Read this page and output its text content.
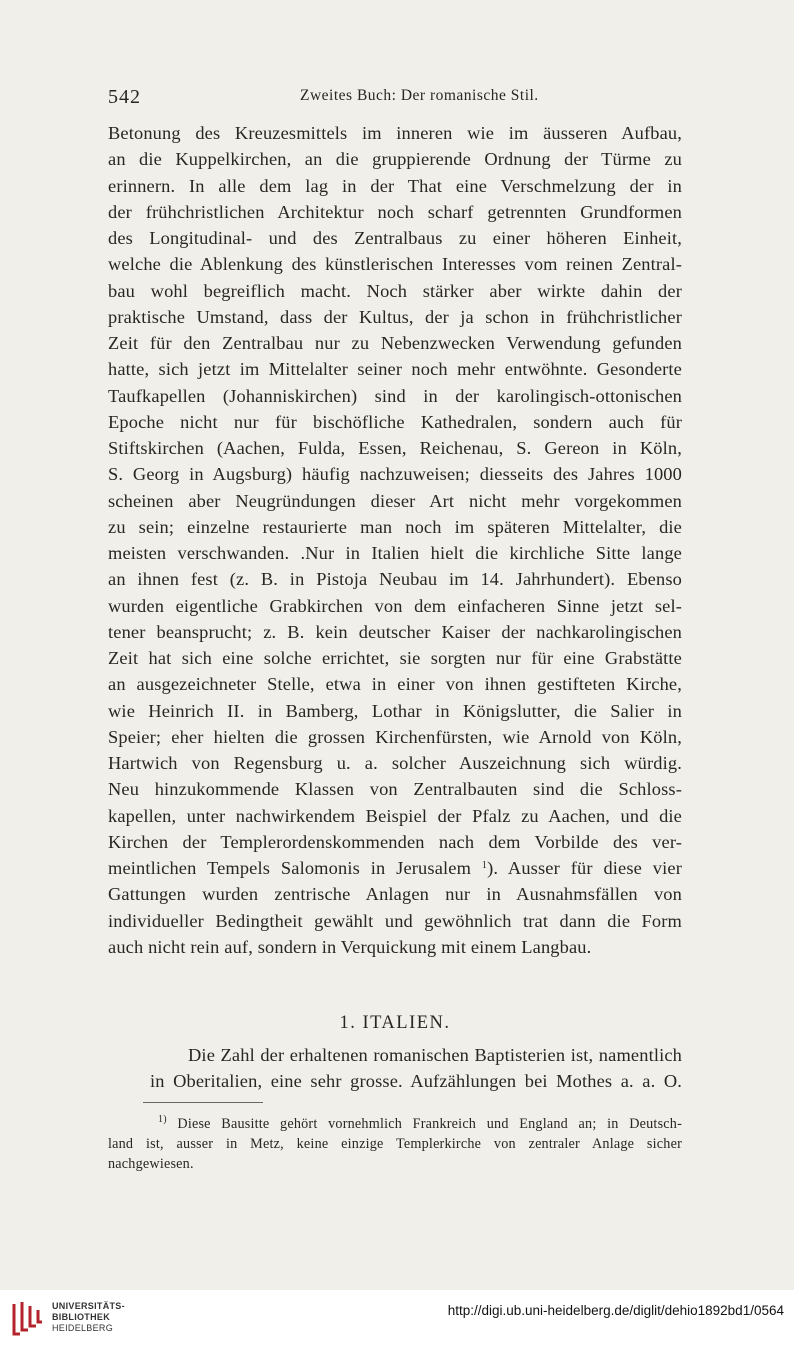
542	Zweites Buch: Der romanische Stil.
Betonung des Kreuzesmittels im inneren wie im äusseren Aufbau,
an die Kuppelkirchen, an die gruppierende Ordnung der Türme zu
erinnern. In alle dem lag in der That eine Verschmelzung der in
der frühchristlichen Architektur noch scharf getrennten Grundformen
des Longitudinal- und des Zentralbaus zu einer höheren Einheit,
welche die Ablenkung des künstlerischen Interesses vom reinen Zentral-
bau wohl begreiflich macht. Noch stärker aber wirkte dahin der
praktische Umstand, dass der Kultus, der ja schon in frühchristlicher
Zeit für den Zentralbau nur zu Nebenzwecken Verwendung gefunden
hatte, sich jetzt im Mittelalter seiner noch mehr entwöhnte. Gesonderte
Taufkapellen (Johanniskirchen) sind in der karolingisch-ottonischen
Epoche nicht nur für bischöfliche Kathedralen, sondern auch für
Stiftskirchen (Aachen, Fulda, Essen, Reichenau, S. Gereon in Köln,
S. Georg in Augsburg) häufig nachzuweisen; diesseits des Jahres 1000
scheinen aber Neugründungen dieser Art nicht mehr vorgekommen
zu sein; einzelne restaurierte man noch im späteren Mittelalter, die
meisten verschwanden. .Nur in Italien hielt die kirchliche Sitte lange
an ihnen fest (z. B. in Pistoja Neubau im 14. Jahrhundert). Ebenso
wurden eigentliche Grabkirchen von dem einfacheren Sinne jetzt sel-
tener beansprucht; z. B. kein deutscher Kaiser der nachkarolingischen
Zeit hat sich eine solche errichtet, sie sorgten nur für eine Grabstätte
an ausgezeichneter Stelle, etwa in einer von ihnen gestifteten Kirche,
wie Heinrich II. in Bamberg, Lothar in Königslutter, die Salier in
Speier; eher hielten die grossen Kirchenfürsten, wie Arnold von Köln,
Hartwich von Regensburg u. a. solcher Auszeichnung sich würdig.
Neu hinzukommende Klassen von Zentralbauten sind die Schloss-
kapellen, unter nachwirkendem Beispiel der Pfalz zu Aachen, und die
Kirchen der Templerordenskommenden nach dem Vorbilde des ver-
meintlichen Tempels Salomonis in Jerusalem $^1$). Ausser für diese vier
Gattungen wurden zentrische Anlagen nur in Ausnahmsfällen von
individueller Bedingtheit gewählt und gewöhnlich trat dann die Form
auch nicht rein auf, sondern in Verquickung mit einem Langbau.
1. ITALIEN.
Die Zahl der erhaltenen romanischen Baptisterien ist, namentlich
in Oberitalien, eine sehr grosse. Aufzählungen bei Mothes a. a. O.
$^{1)}$ Diese Bausitte gehört vornehmlich Frankreich und England an; in Deutsch-
land ist, ausser in Metz, keine einzige Templerkirche von zentraler Anlage sicher
nachgewiesen.
UNIVERSITÄTS-
BIBLIOTHEK
HEIDELBERG
http://digi.ub.uni-heidelberg.de/diglit/dehio1892bd1/0564
